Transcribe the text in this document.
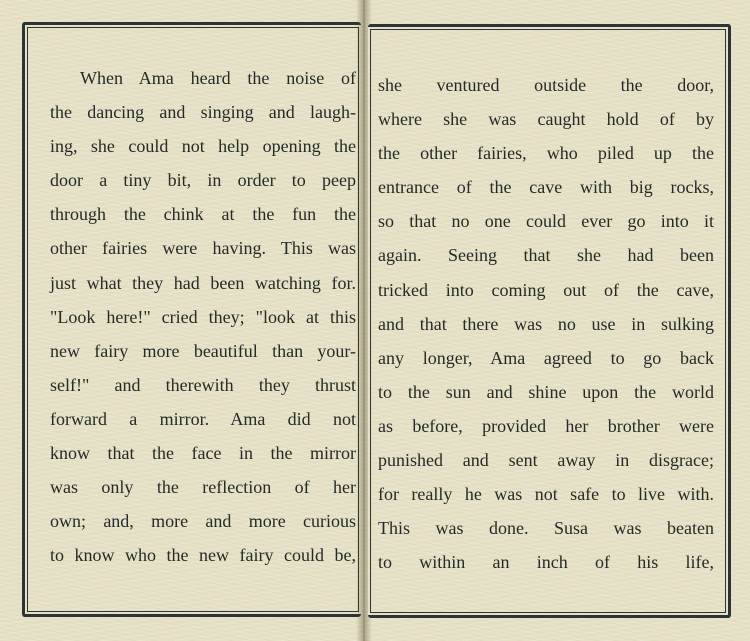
When Ama heard the noise of
the dancing and singing and laugh-
ing, she could not help opening the
door a tiny bit, in order to peep
through the chink at the fun the
other fairies were having. This was
just what they had been watching for.
"Look here!" cried they; "look at this
new fairy more beautiful than your-
self!" and therewith they thrust
forward a mirror. Ama did not
know that the face in the mirror
was only the reflection of her
own; and, more and more curious
to know who the new fairy could be,
she ventured outside the door,
where she was caught hold of by
the other fairies, who piled up the
entrance of the cave with big rocks,
so that no one could ever go into it
again. Seeing that she had been
tricked into coming out of the cave,
and that there was no use in sulking
any longer, Ama agreed to go back
to the sun and shine upon the world
as before, provided her brother were
punished and sent away in disgrace;
for really he was not safe to live with.
This was done. Susa was beaten
to within an inch of his life,
